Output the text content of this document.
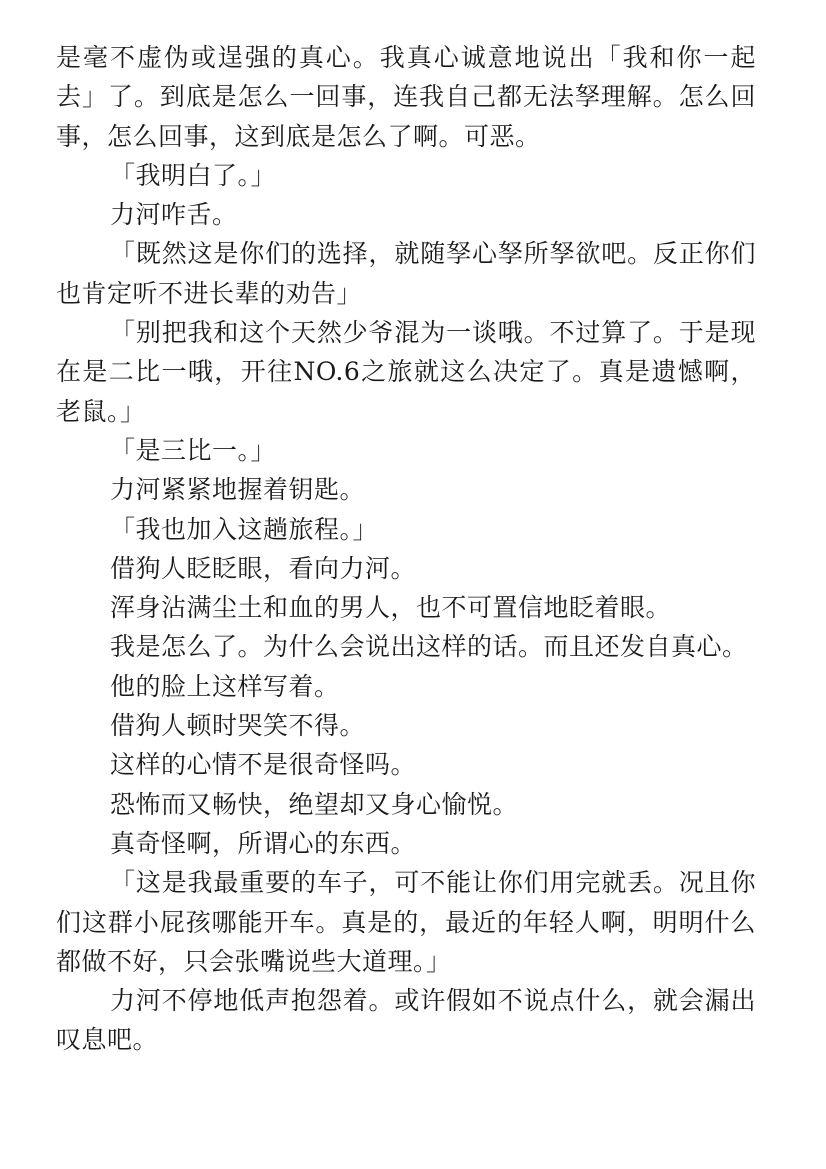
是毫不虚伪或逞强的真心。我真心诚意地说出「我和你一起去」了。到底是怎么一回事，连我自己都无法孥理解。怎么回事，怎么回事，这到底是怎么了啊。可恶。

「我明白了。」

力河咋舌。

「既然这是你们的选择，就随孥心孥所孥欲吧。反正你们也肯定听不进长辈的劝告」

「别把我和这个天然少爷混为一谈哦。不过算了。于是现在是二比一哦，开往NO.6之旅就这么决定了。真是遗憾啊，老鼠。」

「是三比一。」

力河紧紧地握着钥匙。

「我也加入这趟旅程。」

借狗人眨眨眼，看向力河。

浑身沾满尘土和血的男人，也不可置信地眨着眼。

我是怎么了。为什么会说出这样的话。而且还发自真心。

他的脸上这样写着。

借狗人顿时哭笑不得。

这样的心情不是很奇怪吗。

恐怖而又畅快，绝望却又身心愉悦。

真奇怪啊，所谓心的东西。

「这是我最重要的车子，可不能让你们用完就丢。况且你们这群小屁孩哪能开车。真是的，最近的年轻人啊，明明什么都做不好，只会张嘴说些大道理。」

力河不停地低声抱怨着。或许假如不说点什么，就会漏出叹息吧。
